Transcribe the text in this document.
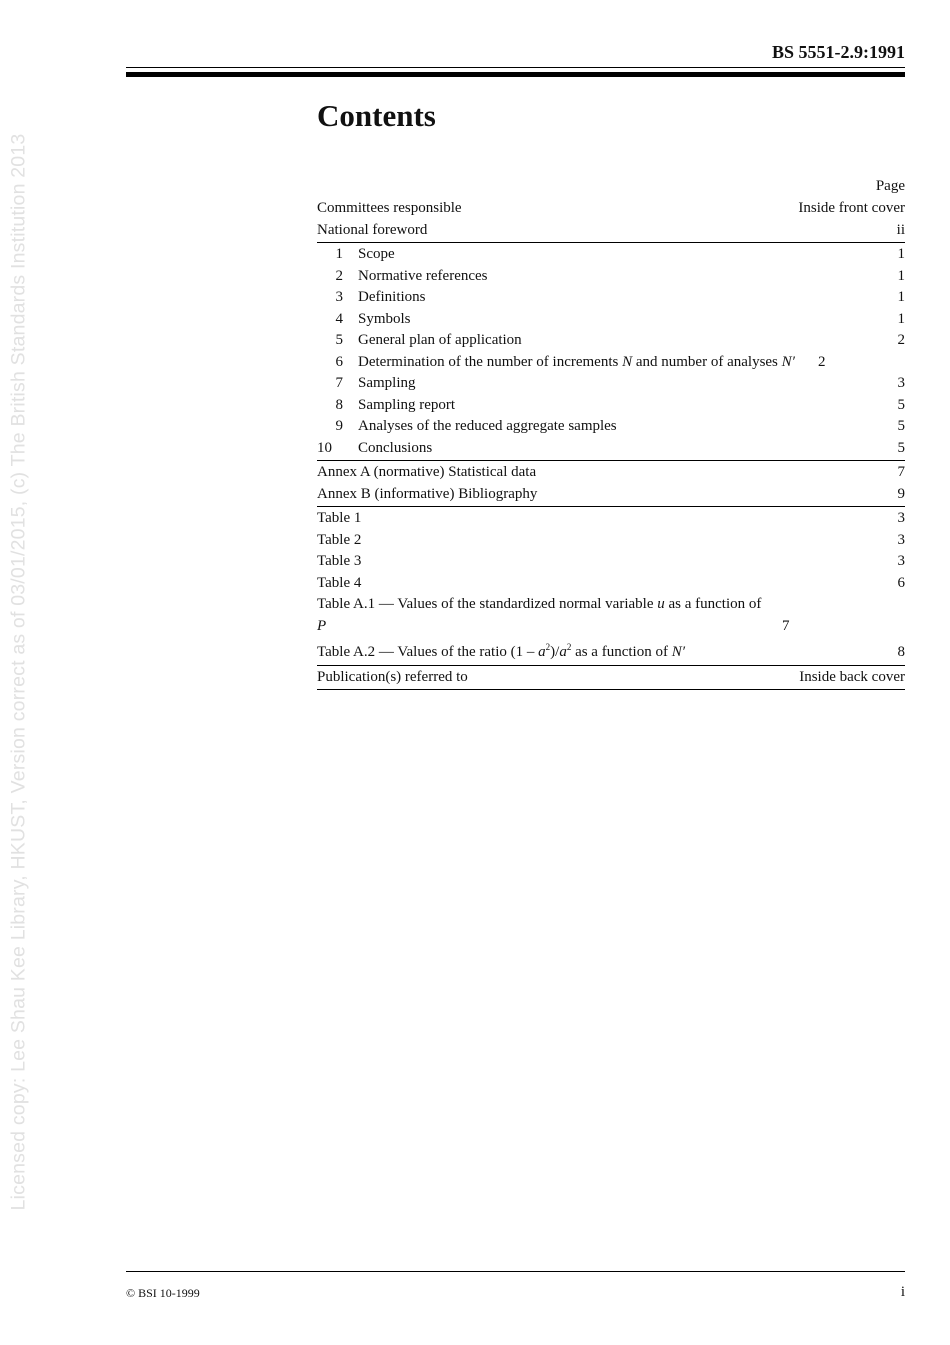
BS 5551-2.9:1991
Licensed copy: Lee Shau Kee Library, HKUST, Version correct as of 03/01/2015, (c) The British Standards Institution 2013
Contents
Page
Committees responsible	Inside front cover
National foreword	ii
1	Scope	1
2	Normative references	1
3	Definitions	1
4	Symbols	1
5	General plan of application	2
6	Determination of the number of increments N and number of analyses N′	2
7	Sampling	3
8	Sampling report	5
9	Analyses of the reduced aggregate samples	5
10	Conclusions	5
Annex A (normative) Statistical data	7
Annex B (informative) Bibliography	9
Table 1	3
Table 2	3
Table 3	3
Table 4	6
Table A.1 — Values of the standardized normal variable u as a function of P	7
Table A.2 — Values of the ratio $(1 - a^2)/a^2$ as a function of N′	8
Publication(s) referred to	Inside back cover
© BSI 10-1999	i
